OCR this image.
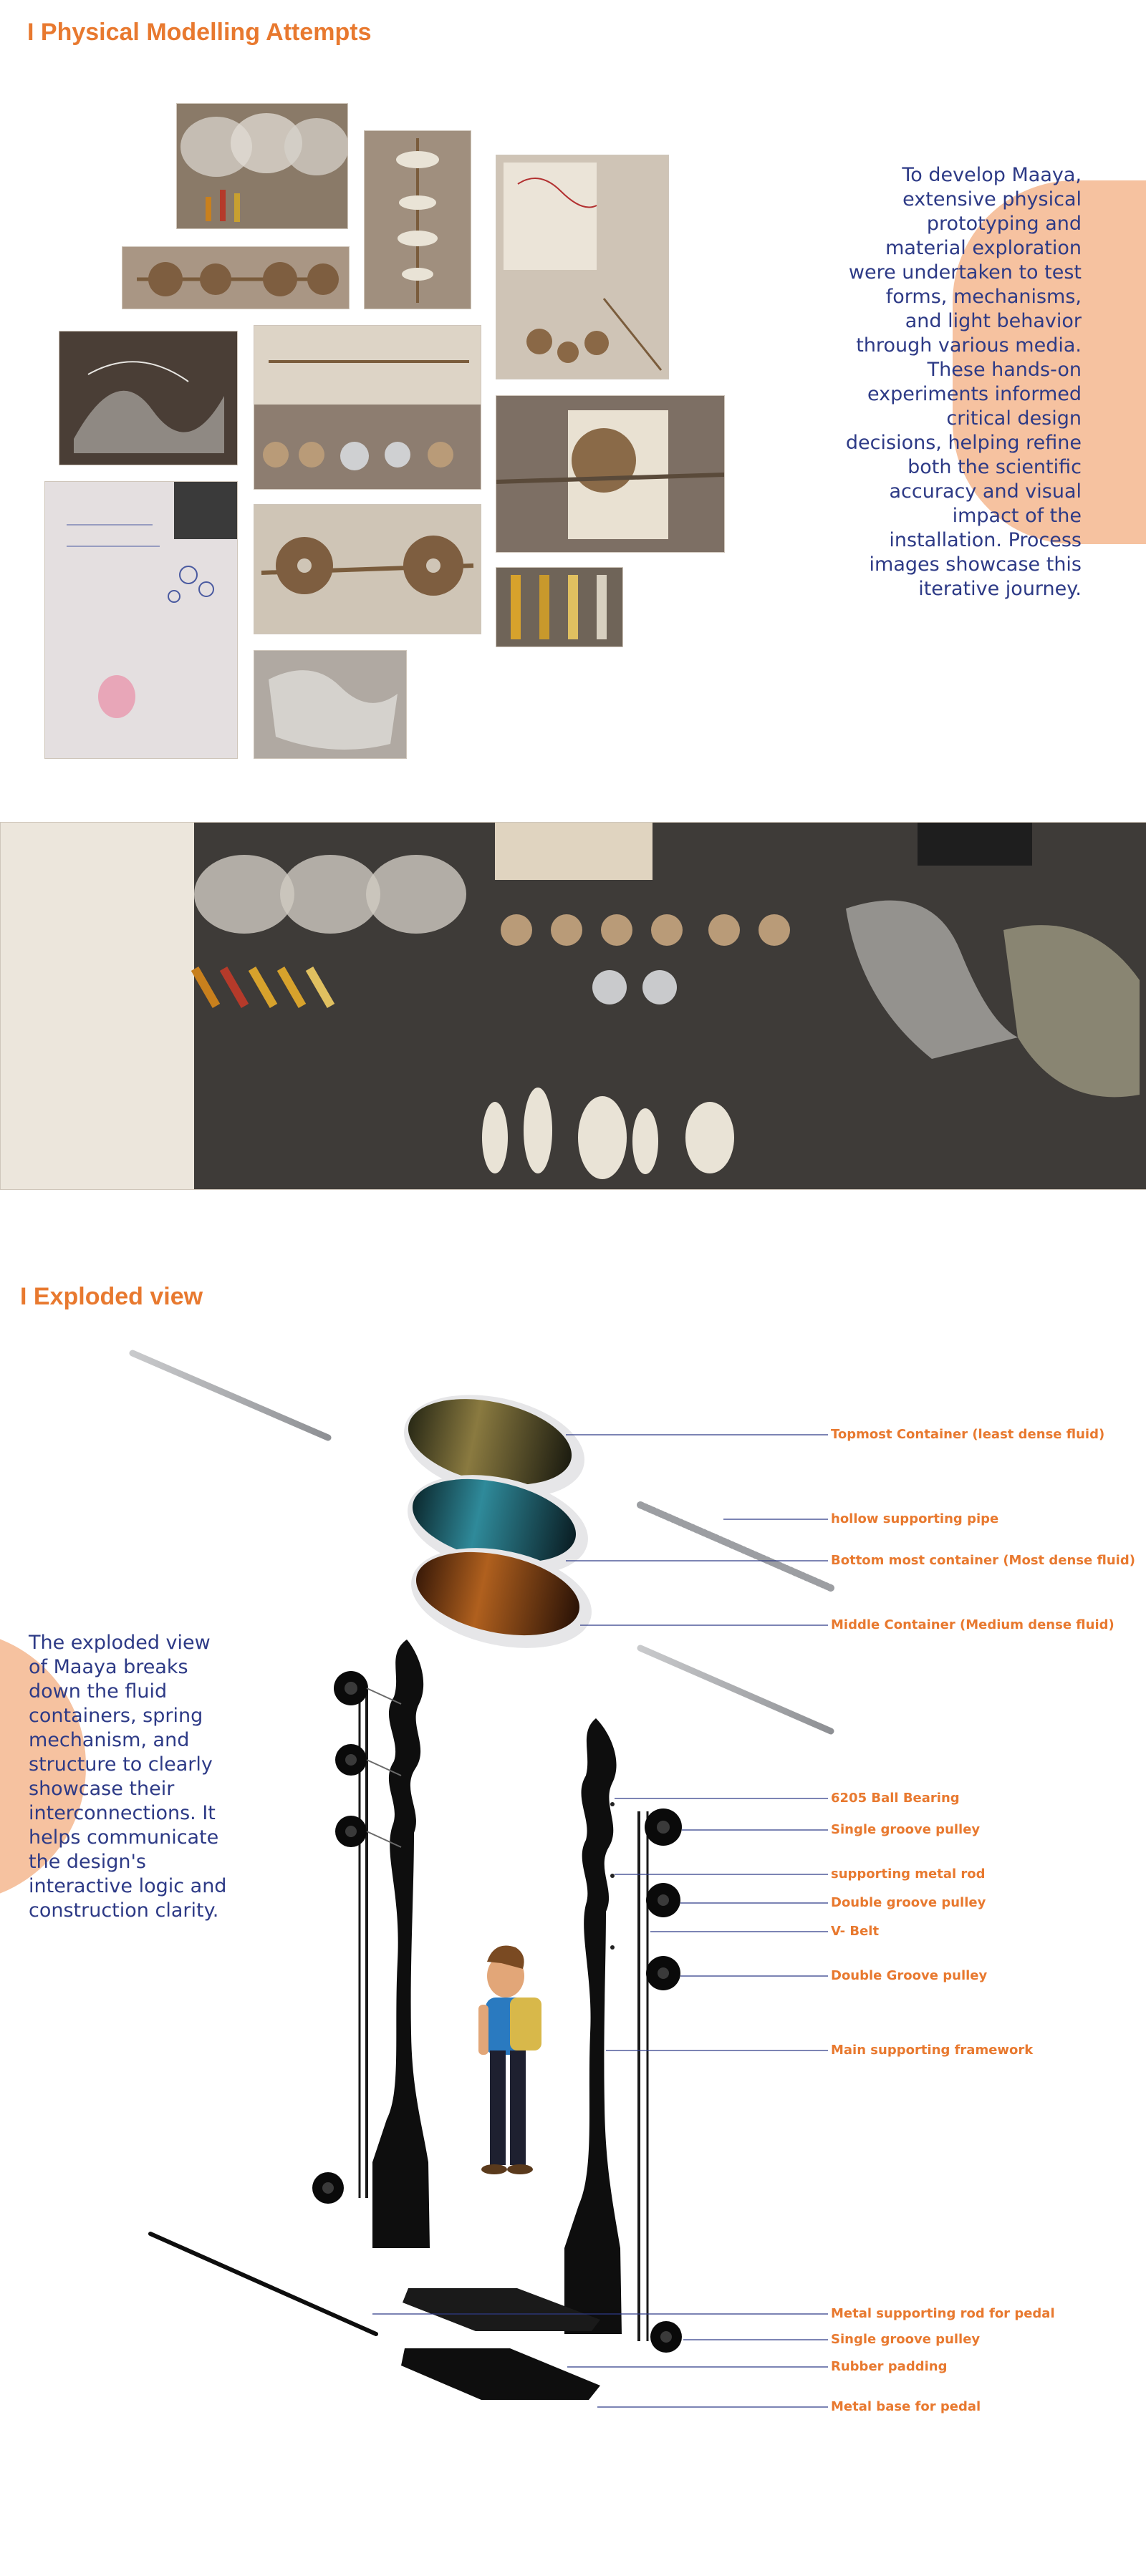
I Physical Modelling Attempts
To develop Maaya, extensive physical prototyping and material exploration were undertaken to test forms, mechanisms, and light behavior through various media. These hands-on experiments informed critical design decisions, helping refine both the scientific accuracy and visual impact of the installation. Process images showcase this iterative journey.
I Exploded view
The exploded view of Maaya breaks down the fluid containers, spring mechanism, and structure to clearly showcase their interconnections. It helps communicate the design's interactive logic and construction clarity.
Topmost Container (least dense fluid)
hollow supporting pipe
Bottom most container (Most dense fluid)
Middle Container (Medium dense fluid)
6205 Ball Bearing
Single groove pulley
supporting metal rod
Double groove pulley
V- Belt
Double Groove pulley
Main supporting framework
Metal supporting rod for pedal
Single groove pulley
Rubber padding
Metal base for pedal
